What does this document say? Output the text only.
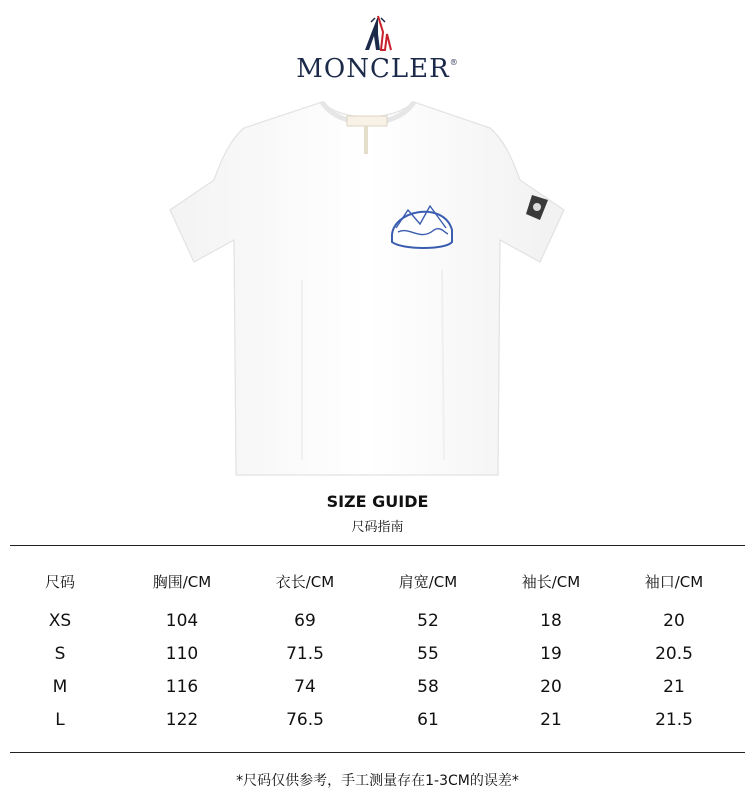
MONCLER®
SIZE GUIDE
尺码指南
尺码	胸围/CM	衣长/CM	肩宽/CM	袖长/CM	袖口/CM
XS	104	69	52	18	20
S	110	71.5	55	19	20.5
M	116	74	58	20	21
L	122	76.5	61	21	21.5
*尺码仅供参考，手工测量存在1-3CM的误差*
